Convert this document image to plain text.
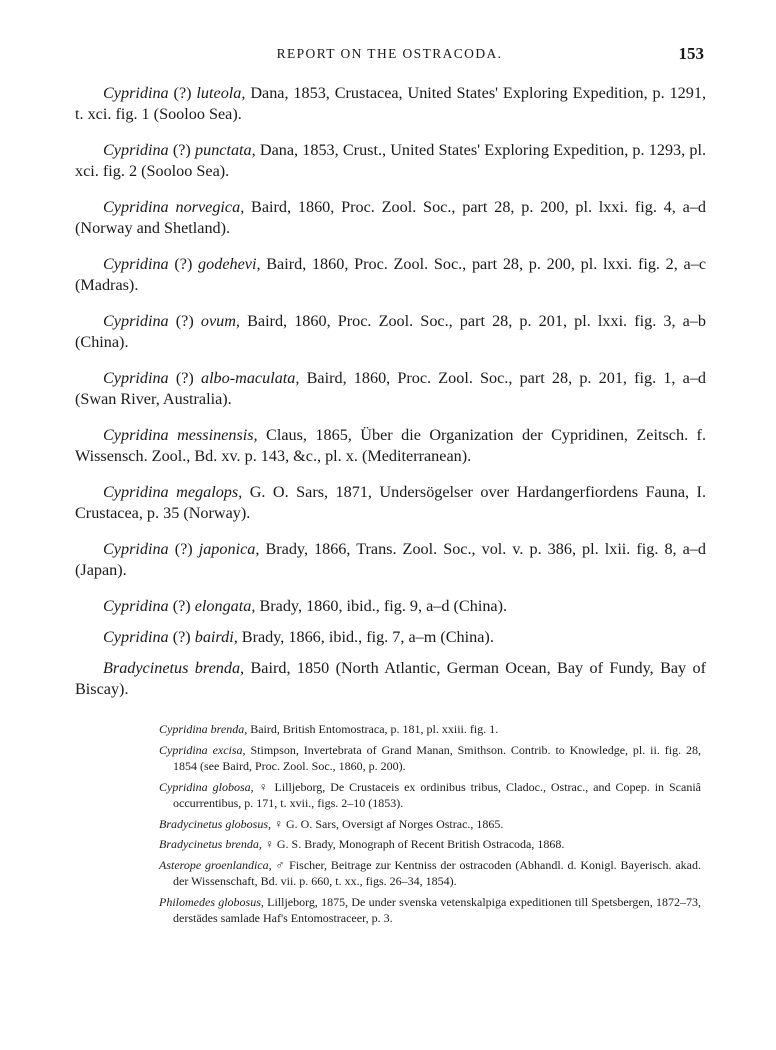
REPORT ON THE OSTRACODA.	153

Cypridina (?) luteola, Dana, 1853, Crustacea, United States' Exploring Expedition, p. 1291, t. xci. fig. 1 (Sooloo Sea).

Cypridina (?) punctata, Dana, 1853, Crust., United States' Exploring Expedition, p. 1293, pl. xci. fig. 2 (Sooloo Sea).

Cypridina norvegica, Baird, 1860, Proc. Zool. Soc., part 28, p. 200, pl. lxxi. fig. 4, a–d (Norway and Shetland).

Cypridina (?) godehevi, Baird, 1860, Proc. Zool. Soc., part 28, p. 200, pl. lxxi. fig. 2, a–c (Madras).

Cypridina (?) ovum, Baird, 1860, Proc. Zool. Soc., part 28, p. 201, pl. lxxi. fig. 3, a–b (China).

Cypridina (?) albo-maculata, Baird, 1860, Proc. Zool. Soc., part 28, p. 201, fig. 1, a–d (Swan River, Australia).

Cypridina messinensis, Claus, 1865, Über die Organization der Cypridinen, Zeitsch. f. Wissensch. Zool., Bd. xv. p. 143, &c., pl. x. (Mediterranean).

Cypridina megalops, G. O. Sars, 1871, Undersögelser over Hardangerfiordens Fauna, I. Crustacea, p. 35 (Norway).

Cypridina (?) japonica, Brady, 1866, Trans. Zool. Soc., vol. v. p. 386, pl. lxii. fig. 8, a–d (Japan).

Cypridina (?) elongata, Brady, 1860, ibid., fig. 9, a–d (China).

Cypridina (?) bairdi, Brady, 1866, ibid., fig. 7, a–m (China).

Bradycinetus brenda, Baird, 1850 (North Atlantic, German Ocean, Bay of Fundy, Bay of Biscay).

Cypridina brenda, Baird, British Entomostraca, p. 181, pl. xxiii. fig. 1.

Cypridina excisa, Stimpson, Invertebrata of Grand Manan, Smithson. Contrib. to Knowledge, pl. ii. fig. 28, 1854 (see Baird, Proc. Zool. Soc., 1860, p. 200).

Cypridina globosa, ♀ Lilljeborg, De Crustaceis ex ordinibus tribus, Cladoc., Ostrac., and Copep. in Scaniâ occurrentibus, p. 171, t. xvii., figs. 2–10 (1853).

Bradycinetus globosus, ♀ G. O. Sars, Oversigt af Norges Ostrac., 1865.

Bradycinetus brenda, ♀ G. S. Brady, Monograph of Recent British Ostracoda, 1868.

Asterope groenlandica, ♂ Fischer, Beitrage zur Kentniss der ostracoden (Abhandl. d. Konigl. Bayerisch. akad. der Wissenschaft, Bd. vii. p. 660, t. xx., figs. 26–34, 1854).

Philomedes globosus, Lilljeborg, 1875, De under svenska vetenskalpiga expeditionen till Spetsbergen, 1872–73, derstädes samlade Haf's Entomostraceer, p. 3.
